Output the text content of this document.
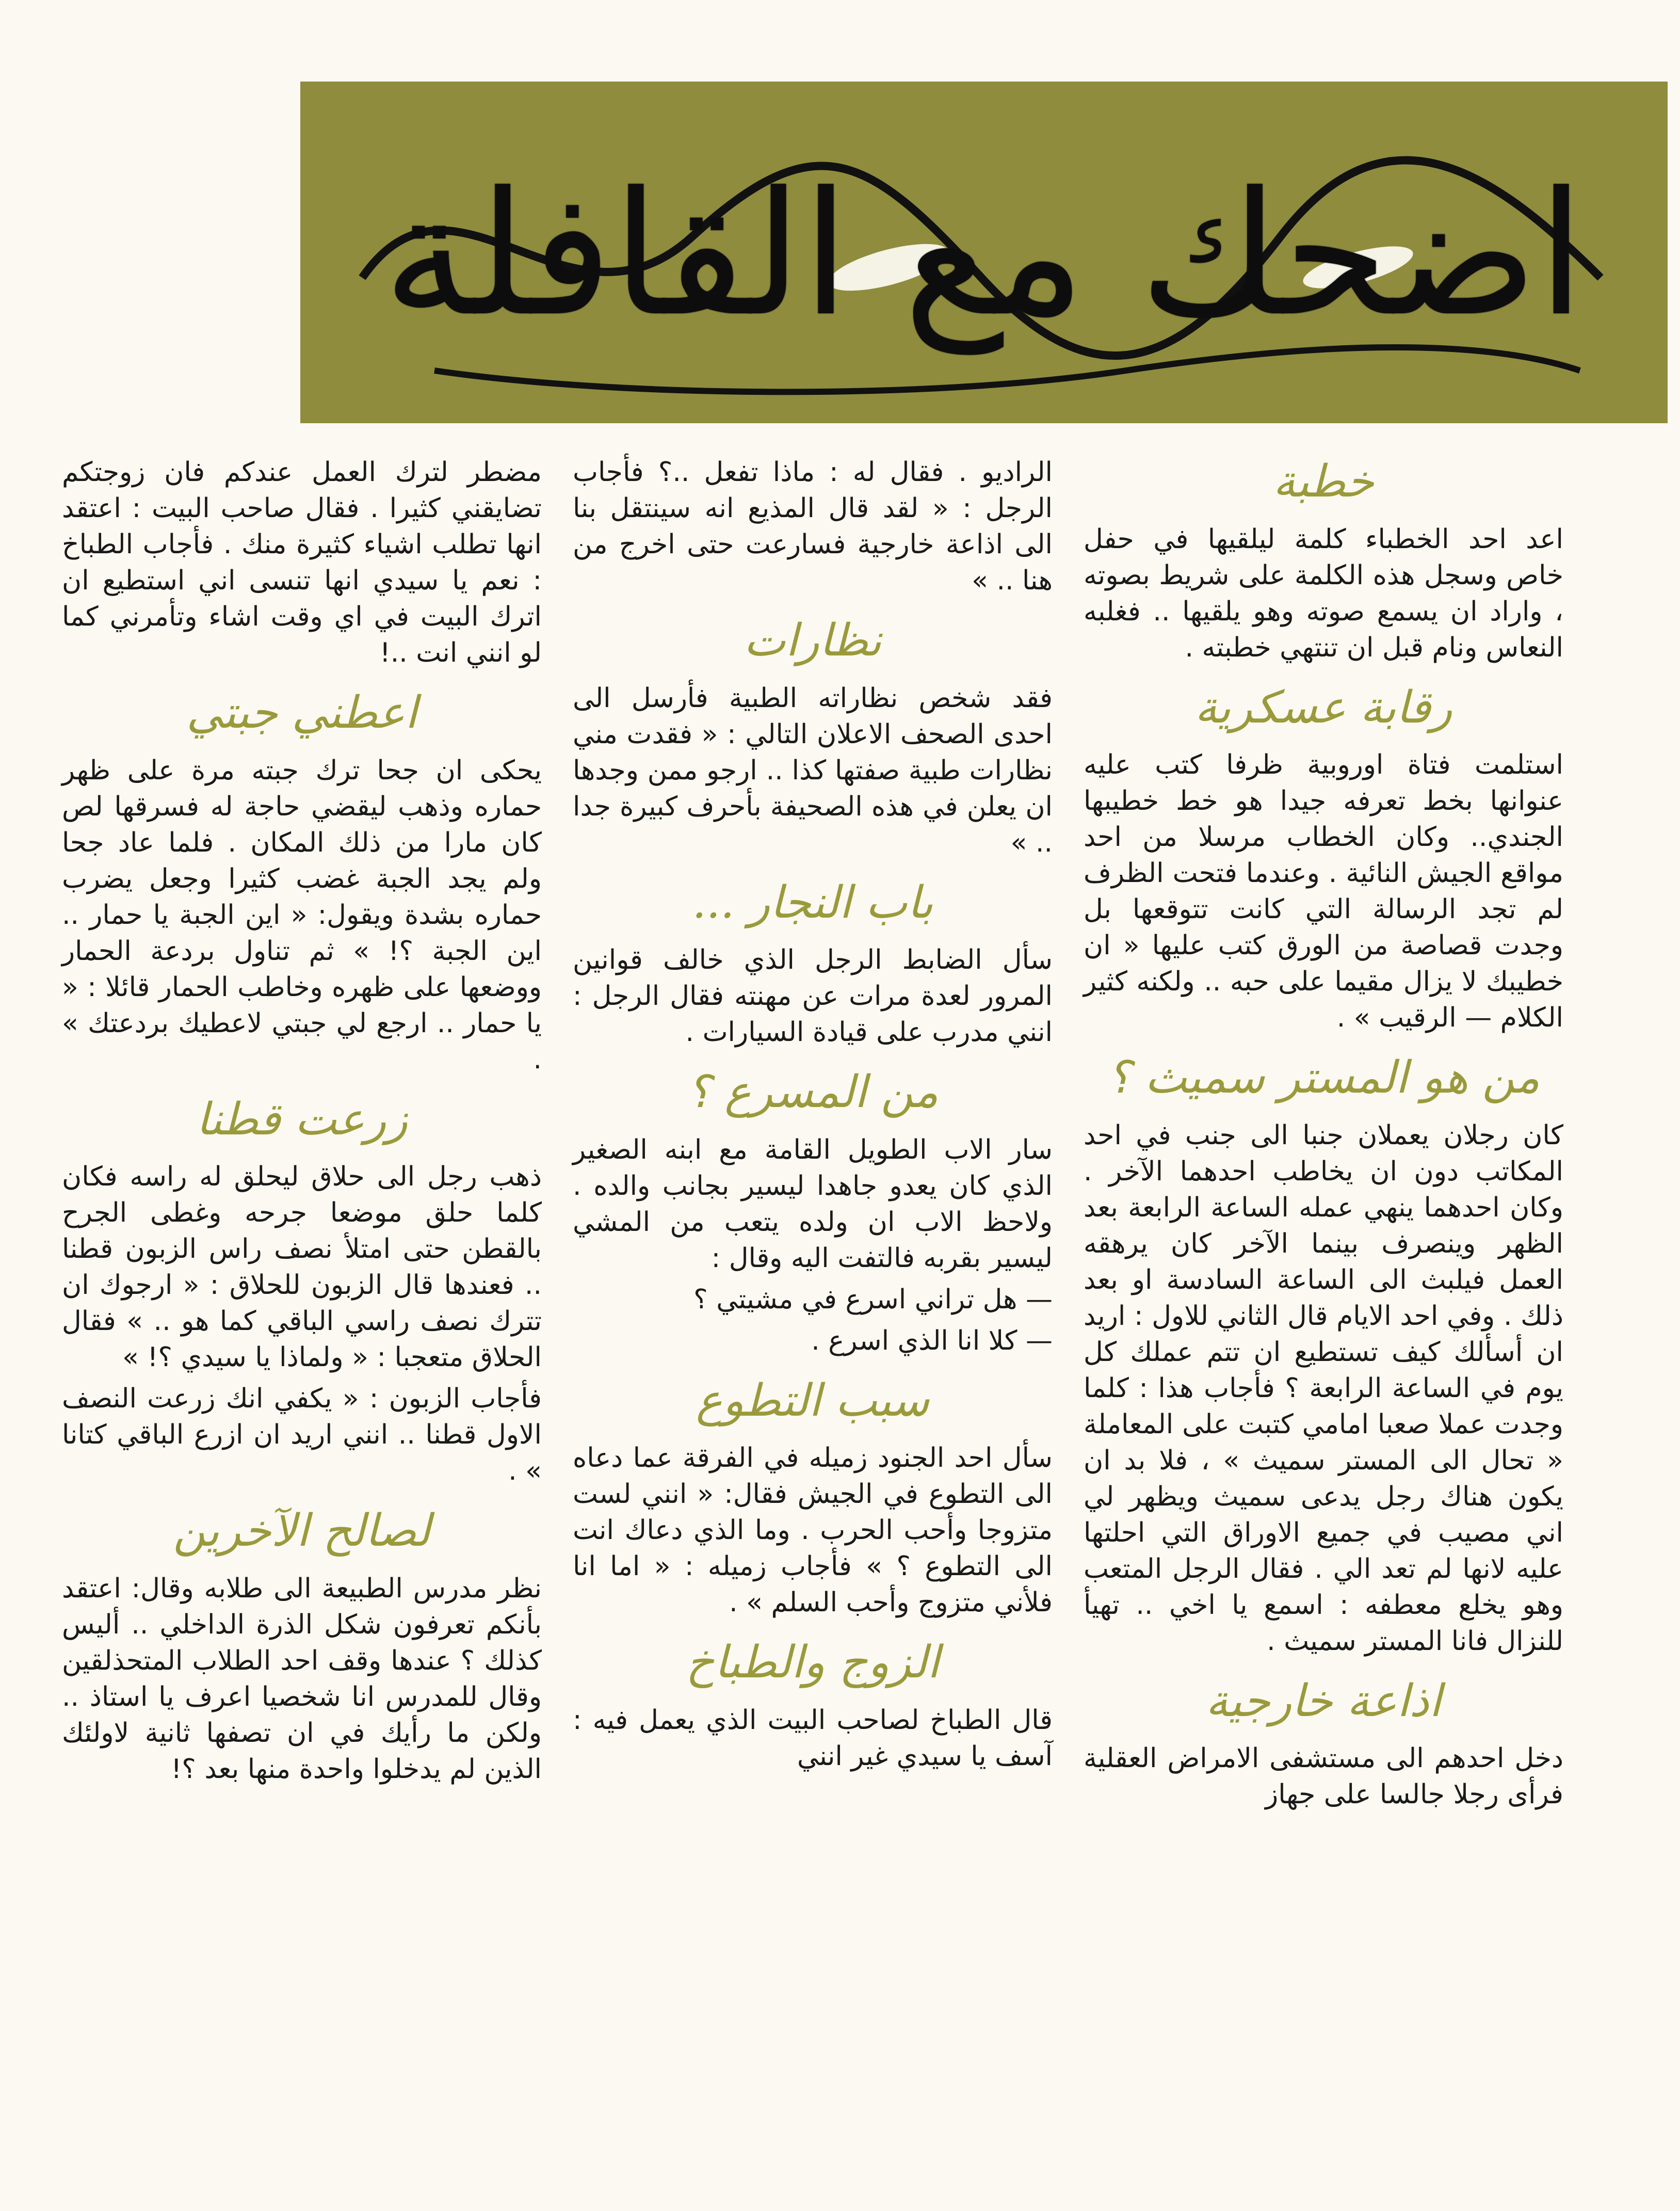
اضحك مع القافلة
خطبة

اعد احد الخطباء كلمة ليلقيها في حفل خاص وسجل هذه الكلمة على شريط بصوته ، واراد ان يسمع صوته وهو يلقيها .. فغلبه النعاس ونام قبل ان تنتهي خطبته .

رقابة عسكرية

استلمت فتاة اوروبية ظرفا كتب عليه عنوانها بخط تعرفه جيدا هو خط خطيبها الجندي.. وكان الخطاب مرسلا من احد مواقع الجيش النائية . وعندما فتحت الظرف لم تجد الرسالة التي كانت تتوقعها بل وجدت قصاصة من الورق كتب عليها « ان خطيبك لا يزال مقيما على حبه .. ولكنه كثير الكلام — الرقيب » .

من هو المستر سميث ؟

كان رجلان يعملان جنبا الى جنب في احد المكاتب دون ان يخاطب احدهما الآخر . وكان احدهما ينهي عمله الساعة الرابعة بعد الظهر وينصرف بينما الآخر كان يرهقه العمل فيلبث الى الساعة السادسة او بعد ذلك . وفي احد الايام قال الثاني للاول : اريد ان أسألك كيف تستطيع ان تتم عملك كل يوم في الساعة الرابعة ؟ فأجاب هذا : كلما وجدت عملا صعبا امامي كتبت على المعاملة « تحال الى المستر سميث » ، فلا بد ان يكون هناك رجل يدعى سميث ويظهر لي اني مصيب في جميع الاوراق التي احلتها عليه لانها لم تعد الي . فقال الرجل المتعب وهو يخلع معطفه : اسمع يا اخي .. تهيأ للنزال فانا المستر سميث .

اذاعة خارجية

دخل احدهم الى مستشفى الامراض العقلية فرأى رجلا جالسا على جهاز

الراديو . فقال له : ماذا تفعل ..؟ فأجاب الرجل : « لقد قال المذيع انه سينتقل بنا الى اذاعة خارجية فسارعت حتى اخرج من هنا .. »

نظارات

فقد شخص نظاراته الطبية فأرسل الى احدى الصحف الاعلان التالي : « فقدت مني نظارات طبية صفتها كذا .. ارجو ممن وجدها ان يعلن في هذه الصحيفة بأحرف كبيرة جدا .. »

باب النجار ...

سأل الضابط الرجل الذي خالف قوانين المرور لعدة مرات عن مهنته فقال الرجل : انني مدرب على قيادة السيارات .

من المسرع ؟

سار الاب الطويل القامة مع ابنه الصغير الذي كان يعدو جاهدا ليسير بجانب والده . ولاحظ الاب ان ولده يتعب من المشي ليسير بقربه فالتفت اليه وقال :

— هل تراني اسرع في مشيتي ؟

— كلا انا الذي اسرع .

سبب التطوع

سأل احد الجنود زميله في الفرقة عما دعاه الى التطوع في الجيش فقال: « انني لست متزوجا وأحب الحرب . وما الذي دعاك انت الى التطوع ؟ » فأجاب زميله : « اما انا فلأني متزوج وأحب السلم » .

الزوج والطباخ

قال الطباخ لصاحب البيت الذي يعمل فيه : آسف يا سيدي غير انني

مضطر لترك العمل عندكم فان زوجتكم تضايقني كثيرا . فقال صاحب البيت : اعتقد انها تطلب اشياء كثيرة منك . فأجاب الطباخ : نعم يا سيدي انها تنسى اني استطيع ان اترك البيت في اي وقت اشاء وتأمرني كما لو انني انت ..!

اعطني جبتي

يحكى ان جحا ترك جبته مرة على ظهر حماره وذهب ليقضي حاجة له فسرقها لص كان مارا من ذلك المكان . فلما عاد جحا ولم يجد الجبة غضب كثيرا وجعل يضرب حماره بشدة ويقول: « اين الجبة يا حمار .. اين الجبة ؟! » ثم تناول بردعة الحمار ووضعها على ظهره وخاطب الحمار قائلا : « يا حمار .. ارجع لي جبتي لاعطيك بردعتك » .

زرعت قطنا

ذهب رجل الى حلاق ليحلق له راسه فكان كلما حلق موضعا جرحه وغطى الجرح بالقطن حتى امتلأ نصف راس الزبون قطنا .. فعندها قال الزبون للحلاق : « ارجوك ان تترك نصف راسي الباقي كما هو .. » فقال الحلاق متعجبا : « ولماذا يا سيدي ؟! »

فأجاب الزبون : « يكفي انك زرعت النصف الاول قطنا .. انني اريد ان ازرع الباقي كتانا » .

لصالح الآخرين

نظر مدرس الطبيعة الى طلابه وقال: اعتقد بأنكم تعرفون شكل الذرة الداخلي .. أليس كذلك ؟ عندها وقف احد الطلاب المتحذلقين وقال للمدرس انا شخصيا اعرف يا استاذ .. ولكن ما رأيك في ان تصفها ثانية لاولئك الذين لم يدخلوا واحدة منها بعد ؟!
